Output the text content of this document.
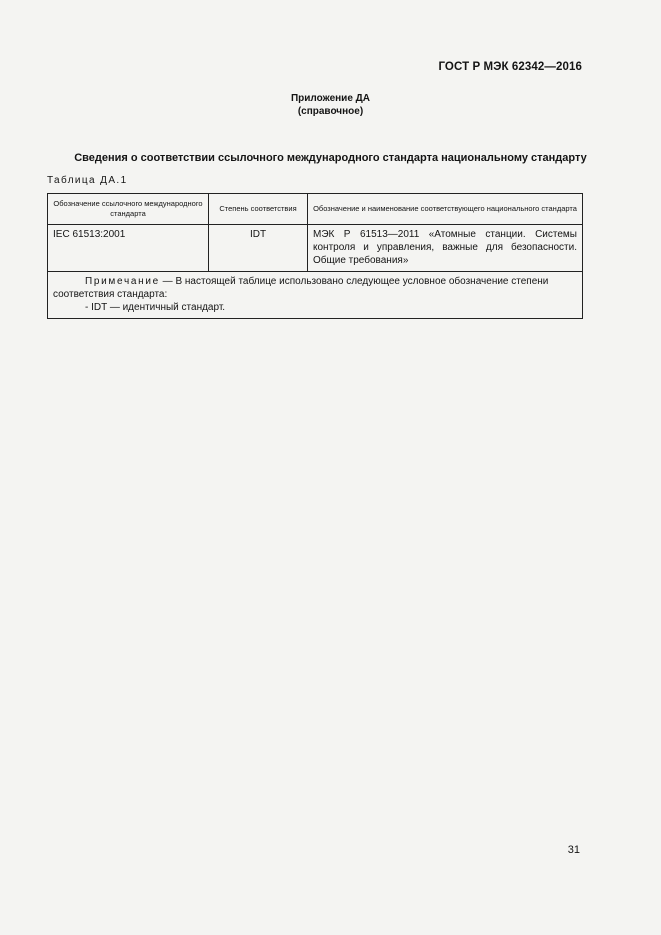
ГОСТ Р МЭК 62342—2016
Приложение ДА
(справочное)
Сведения о соответствии ссылочного международного стандарта национальному стандарту
Таблица ДА.1
Обозначение ссылочного международного стандарта	Степень соответствия	Обозначение и наименование соответствующего национального стандарта
IEC 61513:2001	IDT	МЭК Р 61513—2011 «Атомные станции. Системы контроля и управления, важные для безопасности. Общие требования»
Примечание — В настоящей таблице использовано следующее условное обозначение степени соответствия стандарта:
- IDT — идентичный стандарт.		
31
